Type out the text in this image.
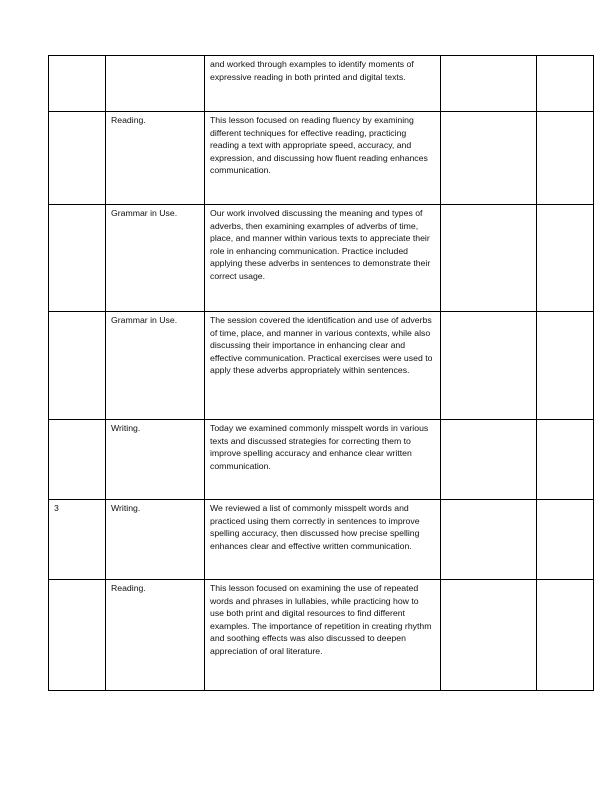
		and worked through examples to identify moments of expressive reading in both printed and digital texts.		
	Reading.	This lesson focused on reading fluency by examining different techniques for effective reading, practicing reading a text with appropriate speed, accuracy, and expression, and discussing how fluent reading enhances communication.		
	Grammar in Use.	Our work involved discussing the meaning and types of adverbs, then examining examples of adverbs of time, place, and manner within various texts to appreciate their role in enhancing communication. Practice included applying these adverbs in sentences to demonstrate their correct usage.		
	Grammar in Use.	The session covered the identification and use of adverbs of time, place, and manner in various contexts, while also discussing their importance in enhancing clear and effective communication. Practical exercises were used to apply these adverbs appropriately within sentences.		
	Writing.	Today we examined commonly misspelt words in various texts and discussed strategies for correcting them to improve spelling accuracy and enhance clear written communication.		
3	Writing.	We reviewed a list of commonly misspelt words and practiced using them correctly in sentences to improve spelling accuracy, then discussed how precise spelling enhances clear and effective written communication.		
	Reading.	This lesson focused on examining the use of repeated words and phrases in lullabies, while practicing how to use both print and digital resources to find different examples. The importance of repetition in creating rhythm and soothing effects was also discussed to deepen appreciation of oral literature.		
